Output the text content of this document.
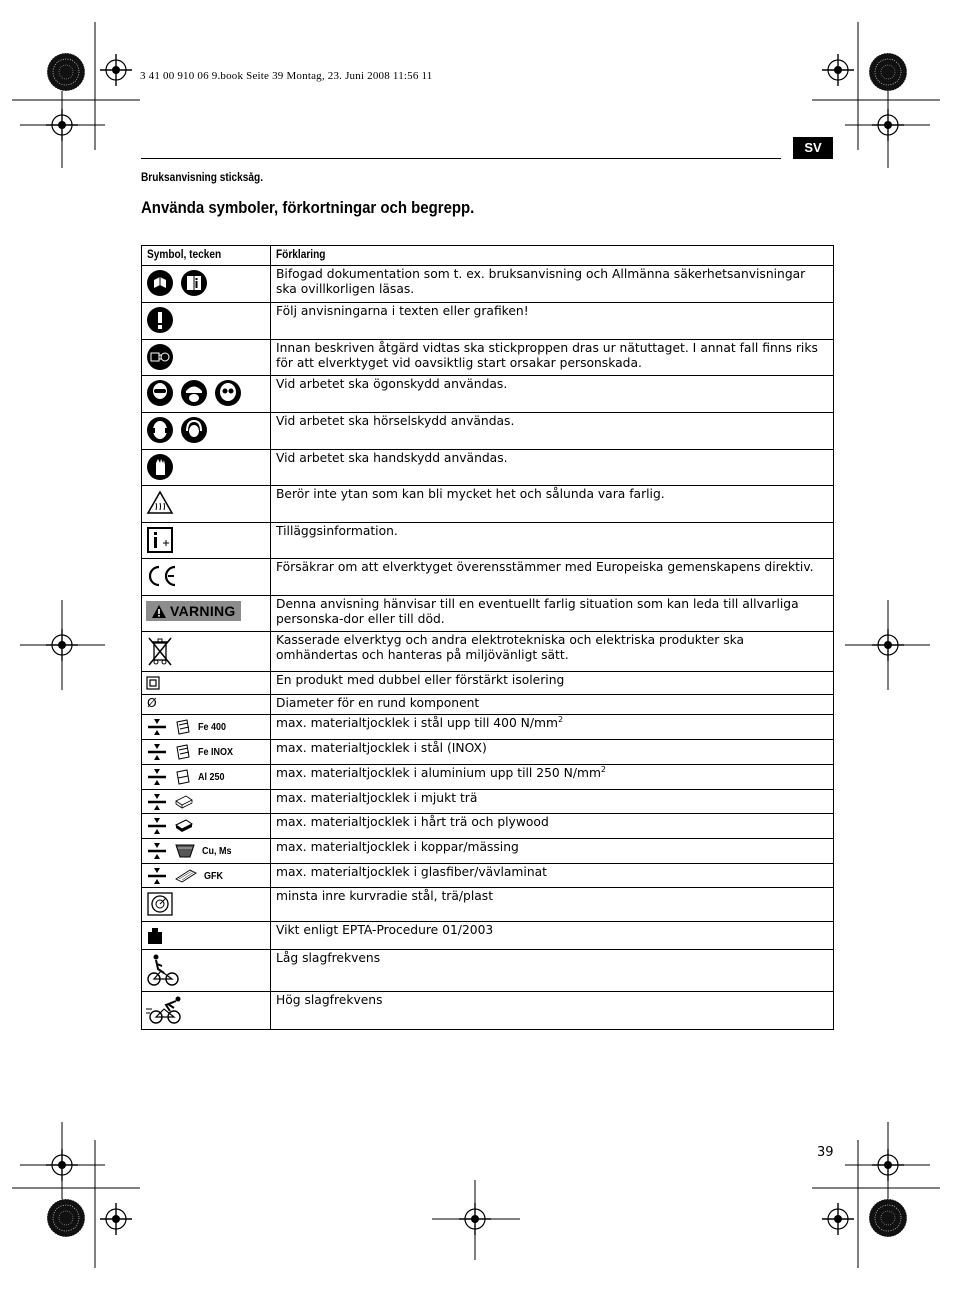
3 41 00 910 06 9.book Seite 39 Montag, 23. Juni 2008 11:56 11
SV
Bruksanvisning sticksåg.
Använda symboler, förkortningar och begrepp.
Symbol, tecken	Förklaring

	Bifogad dokumentation som t. ex. bruksanvisning och Allmänna säkerhetsanvisningar ska ovillkorligen läsas.
	Följ anvisningarna i texten eller grafiken!
	Innan beskriven åtgärd vidtas ska stickproppen dras ur nätuttaget. I annat fall finns riks för att elverktyget vid oavsiktlig start orsakar personskada.

	Vid arbetet ska ögonskydd användas.

	Vid arbetet ska hörselskydd användas.
	Vid arbetet ska handskydd användas.
	Berör inte ytan som kan bli mycket het och sålunda vara farlig.
	Tilläggsinformation.
	Försäkrar om att elverktyget överensstämmer med Europeiska gemenskapens direktiv.

VARNING	Denna anvisning hänvisar till en eventuellt farlig situation som kan leda till allvarliga personska-dor eller till död.
	Kasserade elverktyg och andra elektrotekniska och elektriska produkter ska omhändertas och hanteras på miljövänligt sätt.
	En produkt med dubbel eller förstärkt isolering
Ø	Diameter för en rund komponent

Fe 400	max. materialtjocklek i stål upp till 400 $N/mm^2$

Fe INOX	max. materialtjocklek i stål (INOX)

Al 250	max. materialtjocklek i aluminium upp till 250 $N/mm^2$

	max. materialtjocklek i mjukt trä

	max. materialtjocklek i hårt trä och plywood

Cu, Ms	max. materialtjocklek i koppar/mässing

GFK	max. materialtjocklek i glasfiber/vävlaminat
	minsta inre kurvradie stål, trä/plast
	Vikt enligt EPTA-Procedure 01/2003
	Låg slagfrekvens
	Hög slagfrekvens
39
